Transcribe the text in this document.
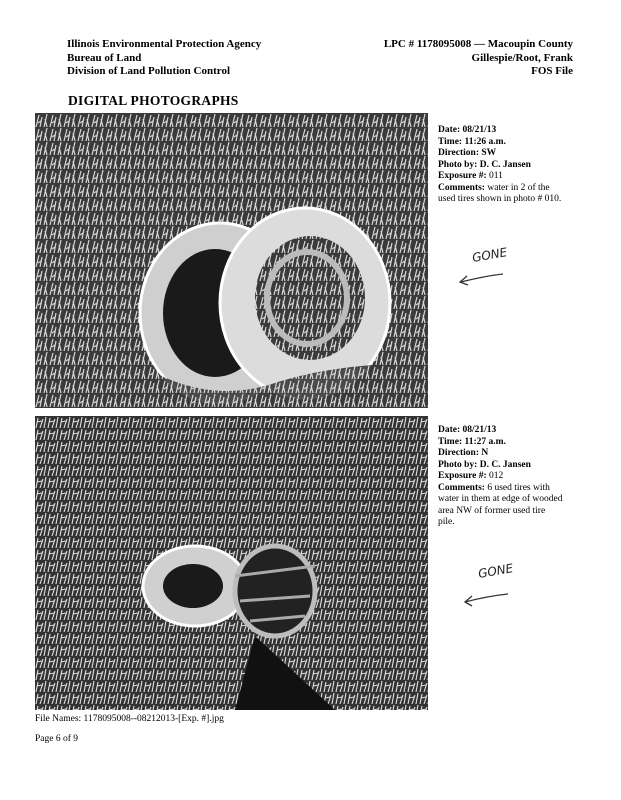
Illinois Environmental Protection Agency
Bureau of Land
Division of Land Pollution Control
LPC # 1178095008 — Macoupin County
Gillespie/Root, Frank
FOS File
DIGITAL PHOTOGRAPHS
Date: 08/21/13
Time: 11:26 a.m.
Direction: SW
Photo by: D. C. Jansen
Exposure #: 011
Comments: water in 2 of the used tires shown in photo # 010.
GONE
Date: 08/21/13
Time: 11:27 a.m.
Direction: N
Photo by: D. C. Jansen
Exposure #: 012
Comments: 6 used tires with water in them at edge of wooded area NW of former used tire pile.
GONE
File Names: 1178095008--08212013-[Exp. #].jpg
Page 6 of 9
